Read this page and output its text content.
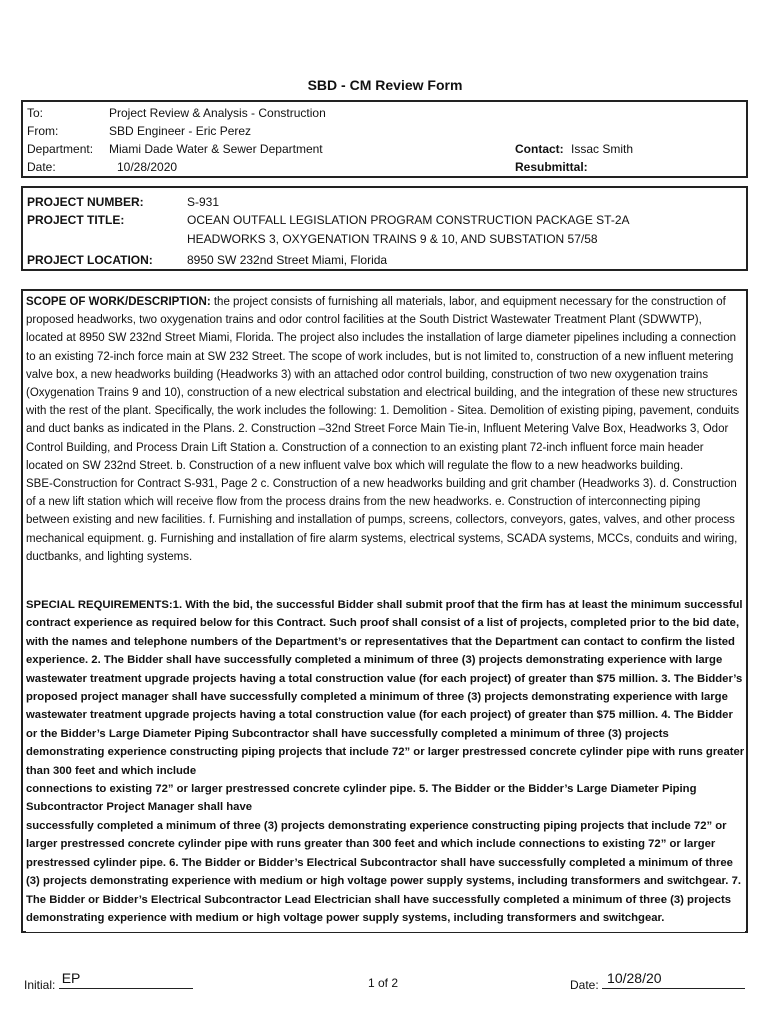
SBD - CM Review Form
To:	Project Review & Analysis - Construction
From:	SBD Engineer - Eric Perez
Department: Miami Dade Water & Sewer Department	Contact: Issac Smith
Date:	10/28/2020	Resubmittal:
PROJECT NUMBER:	S-931
PROJECT TITLE:	OCEAN OUTFALL LEGISLATION PROGRAM CONSTRUCTION PACKAGE ST-2A
HEADWORKS 3, OXYGENATION TRAINS 9 & 10, AND SUBSTATION 57/58
PROJECT LOCATION:	8950 SW 232nd Street Miami, Florida
SCOPE OF WORK/DESCRIPTION: the project consists of furnishing all materials, labor, and equipment necessary for the construction of proposed headworks, two oxygenation trains and odor control facilities at the South District Wastewater Treatment Plant (SDWWTP), located at 8950 SW 232nd Street Miami, Florida. The project also includes the installation of large diameter pipelines including a connection to an existing 72-inch force main at SW 232 Street. The scope of work includes, but is not limited to, construction of a new influent metering valve box, a new headworks building (Headworks 3) with an attached odor control building, construction of two new oxygenation trains (Oxygenation Trains 9 and 10), construction of a new electrical substation and electrical building, and the integration of these new structures with the rest of the plant. Specifically, the work includes the following: 1. Demolition - Sitea. Demolition of existing piping, pavement, conduits and duct banks as indicated in the Plans. 2. Construction –32nd Street Force Main Tie-in, Influent Metering Valve Box, Headworks 3, Odor Control Building, and Process Drain Lift Station a. Construction of a connection to an existing plant 72-inch influent force main header located on SW 232nd Street. b. Construction of a new influent valve box which will regulate the flow to a new headworks building.
SBE-Construction for Contract S-931, Page 2 c. Construction of a new headworks building and grit chamber (Headworks 3). d. Construction of a new lift station which will receive flow from the process drains from the new headworks. e. Construction of interconnecting piping between existing and new facilities. f. Furnishing and installation of pumps, screens, collectors, conveyors, gates, valves, and other process mechanical equipment. g. Furnishing and installation of fire alarm systems, electrical systems, SCADA systems, MCCs, conduits and wiring, ductbanks, and lighting systems.
SPECIAL REQUIREMENTS:1. With the bid, the successful Bidder shall submit proof that the firm has at least the minimum successful contract experience as required below for this Contract. Such proof shall consist of a list of projects, completed prior to the bid date, with the names and telephone numbers of the Department’s or representatives that the Department can contact to confirm the listed experience. 2. The Bidder shall have successfully completed a minimum of three (3) projects demonstrating experience with large wastewater treatment upgrade projects having a total construction value (for each project) of greater than $75 million. 3. The Bidder’s proposed project manager shall have successfully completed a minimum of three (3) projects demonstrating experience with large wastewater treatment upgrade projects having a total construction value (for each project) of greater than $75 million. 4. The Bidder or the Bidder’s Large Diameter Piping Subcontractor shall have successfully completed a minimum of three (3) projects demonstrating experience constructing piping projects that include 72” or larger prestressed concrete cylinder pipe with runs greater than 300 feet and which include
connections to existing 72” or larger prestressed concrete cylinder pipe. 5. The Bidder or the Bidder’s Large Diameter Piping Subcontractor Project Manager shall have
successfully completed a minimum of three (3) projects demonstrating experience constructing piping projects that include 72” or larger prestressed concrete cylinder pipe with runs greater than 300 feet and which include connections to existing 72” or larger prestressed cylinder pipe. 6. The Bidder or Bidder’s Electrical Subcontractor shall have successfully completed a minimum of three (3) projects demonstrating experience with medium or high voltage power supply systems, including transformers and switchgear. 7. The Bidder or Bidder’s Electrical Subcontractor Lead Electrician shall have successfully completed a minimum of three (3) projects demonstrating experience with medium or high voltage power supply systems, including transformers and switchgear.
Initial: EP	1 of 2	Date: 10/28/20
